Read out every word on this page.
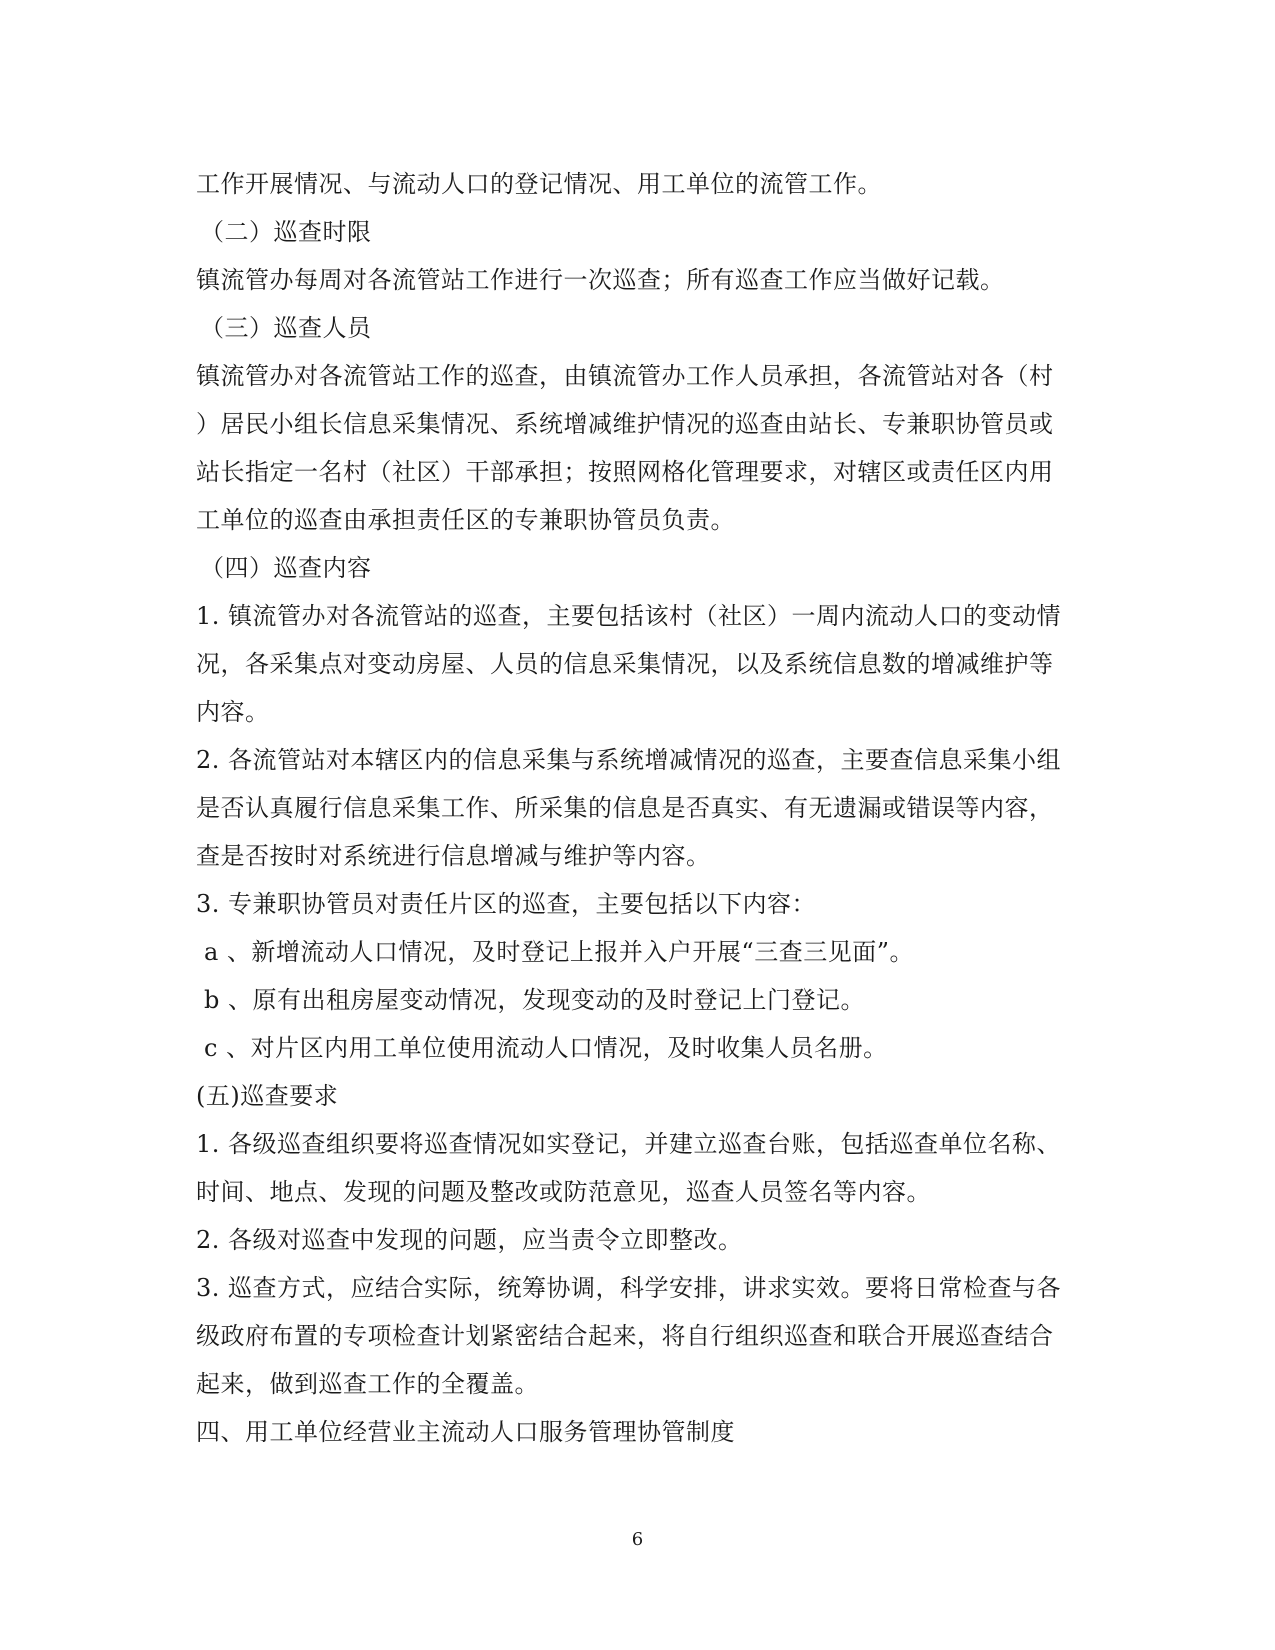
工作开展情况、与流动人口的登记情况、用工单位的流管工作。
（二）巡查时限
镇流管办每周对各流管站工作进行一次巡查；所有巡查工作应当做好记载。
（三）巡查人员
镇流管办对各流管站工作的巡查，由镇流管办工作人员承担，各流管站对各（村
）居民小组长信息采集情况、系统增减维护情况的巡查由站长、专兼职协管员或
站长指定一名村（社区）干部承担；按照网格化管理要求，对辖区或责任区内用
工单位的巡查由承担责任区的专兼职协管员负责。
（四）巡查内容
1. 镇流管办对各流管站的巡查，主要包括该村（社区）一周内流动人口的变动情
况，各采集点对变动房屋、人员的信息采集情况，以及系统信息数的增减维护等
内容。
2. 各流管站对本辖区内的信息采集与系统增减情况的巡查，主要查信息采集小组
是否认真履行信息采集工作、所采集的信息是否真实、有无遗漏或错误等内容，
查是否按时对系统进行信息增减与维护等内容。
3. 专兼职协管员对责任片区的巡查，主要包括以下内容：
a 、新增流动人口情况，及时登记上报并入户开展“三查三见面”。
b 、原有出租房屋变动情况，发现变动的及时登记上门登记。
c 、对片区内用工单位使用流动人口情况，及时收集人员名册。
(五)巡查要求
1. 各级巡查组织要将巡查情况如实登记，并建立巡查台账，包括巡查单位名称、
时间、地点、发现的问题及整改或防范意见，巡查人员签名等内容。
2. 各级对巡查中发现的问题，应当责令立即整改。
3. 巡查方式，应结合实际，统筹协调，科学安排，讲求实效。要将日常检查与各
级政府布置的专项检查计划紧密结合起来，将自行组织巡查和联合开展巡查结合
起来，做到巡查工作的全覆盖。
四、用工单位经营业主流动人口服务管理协管制度
6
